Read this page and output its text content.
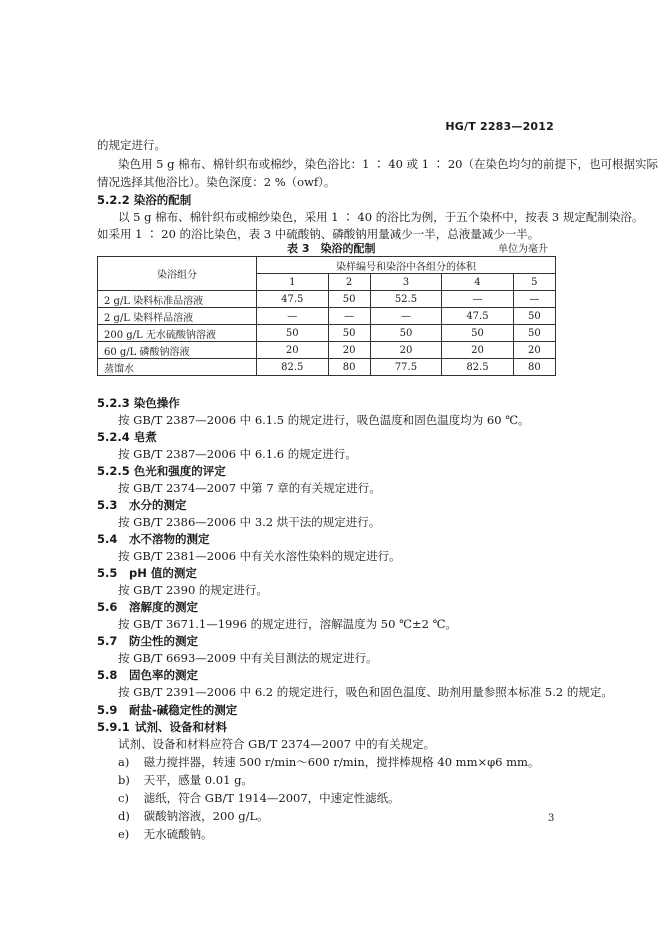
HG/T 2283—2012
的规定进行。
染色用 5 g 棉布、棉针织布或棉纱，染色浴比：1 ∶ 40 或 1 ∶ 20（在染色均匀的前提下，也可根据实际
情况选择其他浴比）。染色深度：2 %（owf）。
5.2.2 染浴的配制
以 5 g 棉布、棉针织布或棉纱染色，采用 1 ∶ 40 的浴比为例，于五个染杯中，按表 3 规定配制染浴。
如采用 1 ∶ 20 的浴比染色，表 3 中硫酸钠、磷酸钠用量减少一半，总液量减少一半。
表 3　染浴的配制	单位为毫升
染浴组分	染样编号和染浴中各组分的体积				
	1	2	3	4	5
2 g/L 染料标准品溶液	47.5	50	52.5	—	—
2 g/L 染料样品溶液	—	—	—	47.5	50
200 g/L 无水硫酸钠溶液	50	50	50	50	50
60 g/L 磷酸钠溶液	20	20	20	20	20
蒸馏水	82.5	80	77.5	82.5	80
5.2.3 染色操作
按 GB/T 2387—2006 中 6.1.5 的规定进行，吸色温度和固色温度均为 60 ℃。
5.2.4 皂煮
按 GB/T 2387—2006 中 6.1.6 的规定进行。
5.2.5 色光和强度的评定
按 GB/T 2374—2007 中第 7 章的有关规定进行。
5.3 水分的测定
按 GB/T 2386—2006 中 3.2 烘干法的规定进行。
5.4 水不溶物的测定
按 GB/T 2381—2006 中有关水溶性染料的规定进行。
5.5 pH 值的测定
按 GB/T 2390 的规定进行。
5.6 溶解度的测定
按 GB/T 3671.1—1996 的规定进行，溶解温度为 50 ℃±2 ℃。
5.7 防尘性的测定
按 GB/T 6693—2009 中有关目测法的规定进行。
5.8 固色率的测定
按 GB/T 2391—2006 中 6.2 的规定进行，吸色和固色温度、助剂用量参照本标准 5.2 的规定。
5.9 耐盐-碱稳定性的测定
5.9.1 试剂、设备和材料
试剂、设备和材料应符合 GB/T 2374—2007 中的有关规定。
a) 磁力搅拌器，转速 500 r/min～600 r/min，搅拌棒规格 40 mm×φ6 mm。
b) 天平，感量 0.01 g。
c) 滤纸，符合 GB/T 1914—2007，中速定性滤纸。
d) 碳酸钠溶液，200 g/L。
e) 无水硫酸钠。
3
